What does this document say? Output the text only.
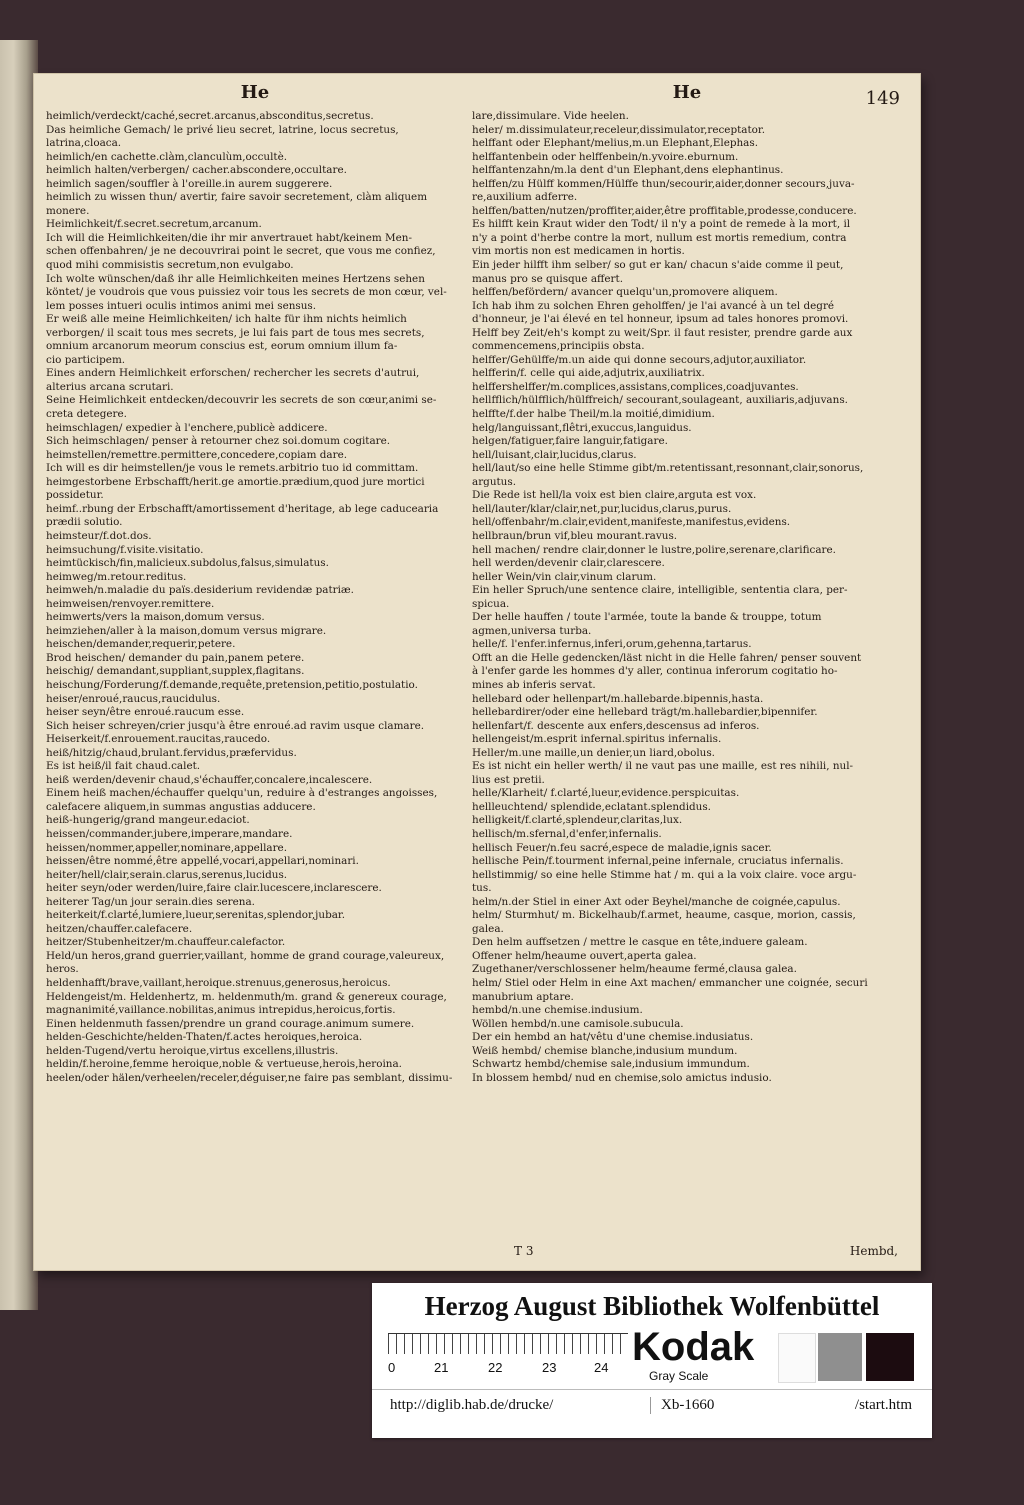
149
He
heimlich/verdeckt/caché,secret.arcanus,absconditus,secretus.
Das heimliche Gemach/ le privé lieu secret, latrine, locus secretus,
latrina,cloaca.
heimlich/en cachette.clàm,clanculùm,occultè.
heimlich halten/verbergen/ cacher.abscondere,occultare.
heimlich sagen/souffler à l'oreille.in aurem suggerere.
heimlich zu wissen thun/ avertir, faire savoir secretement, clàm aliquem
monere.
Heimlichkeit/f.secret.secretum,arcanum.
Ich will die Heimlichkeiten/die ihr mir anvertrauet habt/keinem Men-
schen offenbahren/ je ne decouvrirai point le secret, que vous me confiez,
quod mihi commisistis secretum,non evulgabo.
Ich wolte wünschen/daß ihr alle Heimlichkeiten meines Hertzens sehen
köntet/ je voudrois que vous puissiez voir tous les secrets de mon cœur, vel-
lem posses intueri oculis intimos animi mei sensus.
Er weiß alle meine Heimlichkeiten/ ich halte für ihm nichts heimlich
verborgen/ il scait tous mes secrets, je lui fais part de tous mes secrets,
omnium arcanorum meorum conscius est, eorum omnium illum fa-
cio participem.
Eines andern Heimlichkeit erforschen/ rechercher les secrets d'autrui,
alterius arcana scrutari.
Seine Heimlichkeit entdecken/decouvrir les secrets de son cœur,animi se-
creta detegere.
heimschlagen/ expedier à l'enchere,publicè addicere.
Sich heimschlagen/ penser à retourner chez soi.domum cogitare.
heimstellen/remettre.permittere,concedere,copiam dare.
Ich will es dir heimstellen/je vous le remets.arbitrio tuo id committam.
heimgestorbene Erbschafft/herit.ge amortie.prædium,quod jure mortici
possidetur.
heimf..rbung der Erbschafft/amortissement d'heritage, ab lege caducearia
prædii solutio.
heimsteur/f.dot.dos.
heimsuchung/f.visite.visitatio.
heimtückisch/fin,malicieux.subdolus,falsus,simulatus.
heimweg/m.retour.reditus.
heimweh/n.maladie du païs.desiderium revidendæ patriæ.
heimweisen/renvoyer.remittere.
heimwerts/vers la maison,domum versus.
heimziehen/aller à la maison,domum versus migrare.
heischen/demander,requerir,petere.
Brod heischen/ demander du pain,panem petere.
heischig/ demandant,suppliant,supplex,flagitans.
heischung/Forderung/f.demande,requête,pretension,petitio,postulatio.
heiser/enroué,raucus,raucidulus.
heiser seyn/être enroué.raucum esse.
Sich heiser schreyen/crier jusqu'à être enroué.ad ravim usque clamare.
Heiserkeit/f.enrouement.raucitas,raucedo.
heiß/hitzig/chaud,brulant.fervidus,præfervidus.
Es ist heiß/il fait chaud.calet.
heiß werden/devenir chaud,s'échauffer,concalere,incalescere.
Einem heiß machen/échauffer quelqu'un, reduire à d'estranges angoisses,
calefacere aliquem,in summas angustias adducere.
heiß-hungerig/grand mangeur.edaciot.
heissen/commander.jubere,imperare,mandare.
heissen/nommer,appeller,nominare,appellare.
heissen/être nommé,être appellé,vocari,appellari,nominari.
heiter/hell/clair,serain.clarus,serenus,lucidus.
heiter seyn/oder werden/luire,faire clair.lucescere,inclarescere.
heiterer Tag/un jour serain.dies serena.
heiterkeit/f.clarté,lumiere,lueur,serenitas,splendor,jubar.
heitzen/chauffer.calefacere.
heitzer/Stubenheitzer/m.chauffeur.calefactor.
Held/un heros,grand guerrier,vaillant, homme de grand courage,valeureux,
heros.
heldenhafft/brave,vaillant,heroique.strenuus,generosus,heroicus.
Heldengeist/m. Heldenhertz, m. heldenmuth/m. grand & genereux courage,
magnanimité,vaillance.nobilitas,animus intrepidus,heroicus,fortis.
Einen heldenmuth fassen/prendre un grand courage.animum sumere.
helden-Geschichte/helden-Thaten/f.actes heroiques,heroica.
helden-Tugend/vertu heroique,virtus excellens,illustris.
heldin/f.heroine,femme heroique,noble & vertueuse,herois,heroina.
heelen/oder hälen/verheelen/receler,déguiser,ne faire pas semblant, dissimu-
He
lare,dissimulare. Vide heelen.
heler/ m.dissimulateur,receleur,dissimulator,receptator.
helffant oder Elephant/melius,m.un Elephant,Elephas.
helffantenbein oder helffenbein/n.yvoire.eburnum.
helffantenzahn/m.la dent d'un Elephant,dens elephantinus.
helffen/zu Hülff kommen/Hülffe thun/secourir,aider,donner secours,juva-
re,auxilium adferre.
helffen/batten/nutzen/proffiter,aider,être proffitable,prodesse,conducere.
Es hilfft kein Kraut wider den Todt/ il n'y a point de remede à la mort, il
n'y a point d'herbe contre la mort, nullum est mortis remedium, contra
vim mortis non est medicamen in hortis.
Ein jeder hilfft ihm selber/ so gut er kan/ chacun s'aide comme il peut,
manus pro se quisque affert.
helffen/befördern/ avancer quelqu'un,promovere aliquem.
Ich hab ihm zu solchen Ehren geholffen/ je l'ai avancé à un tel degré
d'honneur, je l'ai élevé en tel honneur, ipsum ad tales honores promovi.
Helff bey Zeit/eh's kompt zu weit/Spr. il faut resister, prendre garde aux
commencemens,principiis obsta.
helffer/Gehülffe/m.un aide qui donne secours,adjutor,auxiliator.
helfferin/f. celle qui aide,adjutrix,auxiliatrix.
helffershelffer/m.complices,assistans,complices,coadjuvantes.
hellfflich/hülfflich/hülffreich/ secourant,soulageant, auxiliaris,adjuvans.
helffte/f.der halbe Theil/m.la moitié,dimidium.
helg/languissant,flêtri,exuccus,languidus.
helgen/fatiguer,faire languir,fatigare.
hell/luisant,clair,lucidus,clarus.
hell/laut/so eine helle Stimme gibt/m.retentissant,resonnant,clair,sonorus,
argutus.
Die Rede ist hell/la voix est bien claire,arguta est vox.
hell/lauter/klar/clair,net,pur,lucidus,clarus,purus.
hell/offenbahr/m.clair,evident,manifeste,manifestus,evidens.
hellbraun/brun vif,bleu mourant.ravus.
hell machen/ rendre clair,donner le lustre,polire,serenare,clarificare.
hell werden/devenir clair,clarescere.
heller Wein/vin clair,vinum clarum.
Ein heller Spruch/une sentence claire, intelligible, sententia clara, per-
spicua.
Der helle hauffen / toute l'armée, toute la bande & trouppe, totum
agmen,universa turba.
helle/f. l'enfer.infernus,inferi,orum,gehenna,tartarus.
Offt an die Helle gedencken/läst nicht in die Helle fahren/ penser souvent
à l'enfer garde les hommes d'y aller, continua inferorum cogitatio ho-
mines ab inferis servat.
hellebard oder hellenpart/m.hallebarde.bipennis,hasta.
hellebardirer/oder eine hellebard trägt/m.hallebardier,bipennifer.
hellenfart/f. descente aux enfers,descensus ad inferos.
hellengeist/m.esprit infernal.spiritus infernalis.
Heller/m.une maille,un denier,un liard,obolus.
Es ist nicht ein heller werth/ il ne vaut pas une maille, est res nihili, nul-
lius est pretii.
helle/Klarheit/ f.clarté,lueur,evidence.perspicuitas.
hellleuchtend/ splendide,eclatant.splendidus.
helligkeit/f.clarté,splendeur,claritas,lux.
hellisch/m.sfernal,d'enfer,infernalis.
hellisch Feuer/n.feu sacré,espece de maladie,ignis sacer.
hellische Pein/f.tourment infernal,peine infernale, cruciatus infernalis.
hellstimmig/ so eine helle Stimme hat / m. qui a la voix claire. voce argu-
tus.
helm/n.der Stiel in einer Axt oder Beyhel/manche de coignée,capulus.
helm/ Sturmhut/ m. Bickelhaub/f.armet, heaume, casque, morion, cassis,
galea.
Den helm auffsetzen / mettre le casque en tête,induere galeam.
Offener helm/heaume ouvert,aperta galea.
Zugethaner/verschlossener helm/heaume fermé,clausa galea.
helm/ Stiel oder Helm in eine Axt machen/ emmancher une coignée, securi
manubrium aptare.
hembd/n.une chemise.indusium.
Wöllen hembd/n.une camisole.subucula.
Der ein hembd an hat/vêtu d'une chemise.indusiatus.
Weiß hembd/ chemise blanche,indusium mundum.
Schwartz hembd/chemise sale,indusium immundum.
In blossem hembd/ nud en chemise,solo amictus indusio.
T 3	Hembd,
Herzog August Bibliothek Wolfenbüttel
0	21	22	23	24 Kodak
Gray Scale
http://diglib.hab.de/drucke/	Xb-1660	/start.htm
